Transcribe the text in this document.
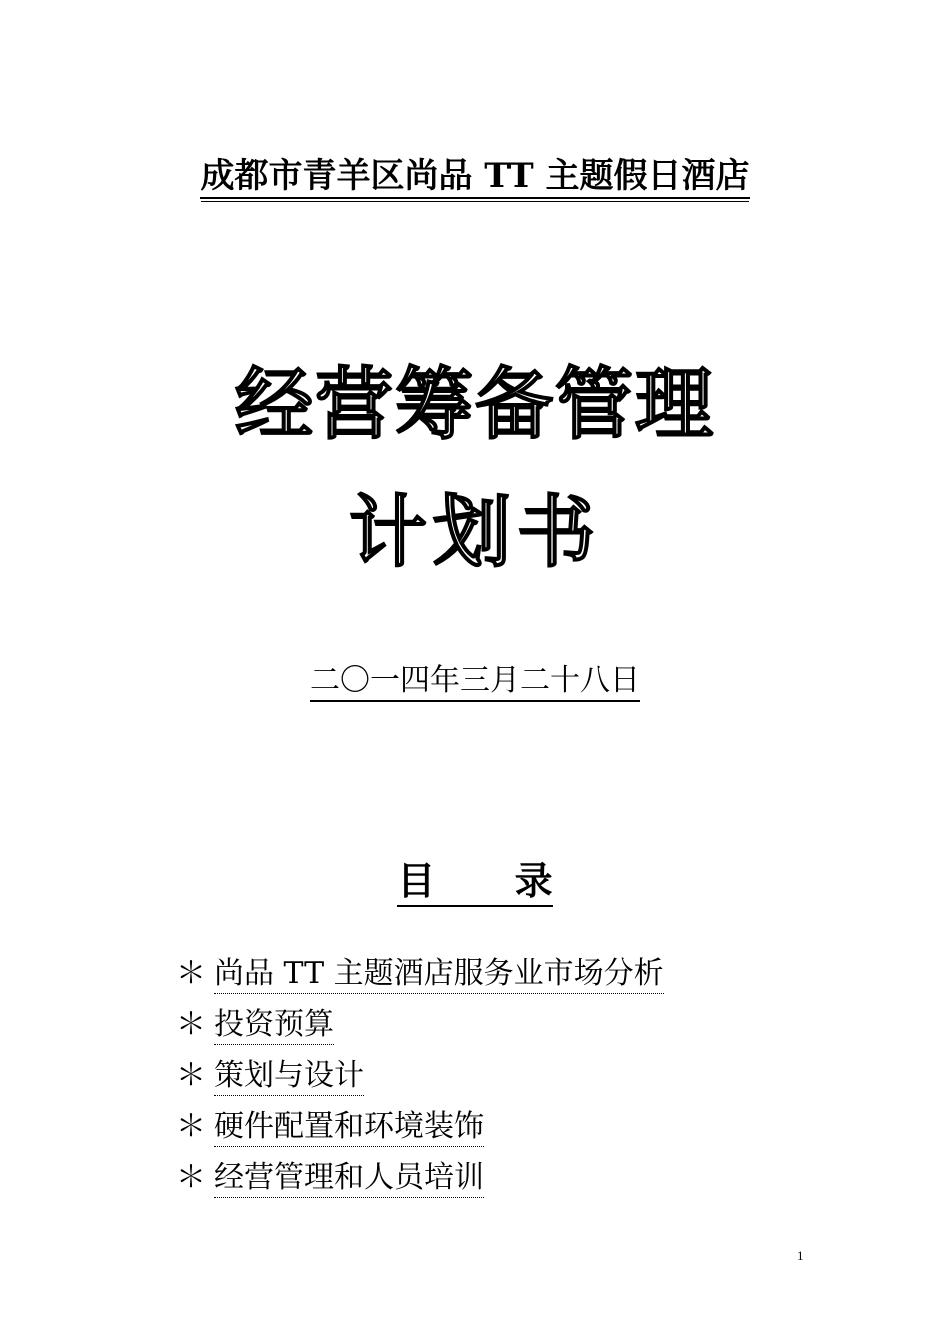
成都市青羊区尚品 TT 主题假日酒店
经营筹备管理
计划书
二〇一四年三月二十八日
目      录
＊ 尚品 TT 主题酒店服务业市场分析
＊ 投资预算
＊ 策划与设计
＊ 硬件配置和环境装饰
＊ 经营管理和人员培训
1
